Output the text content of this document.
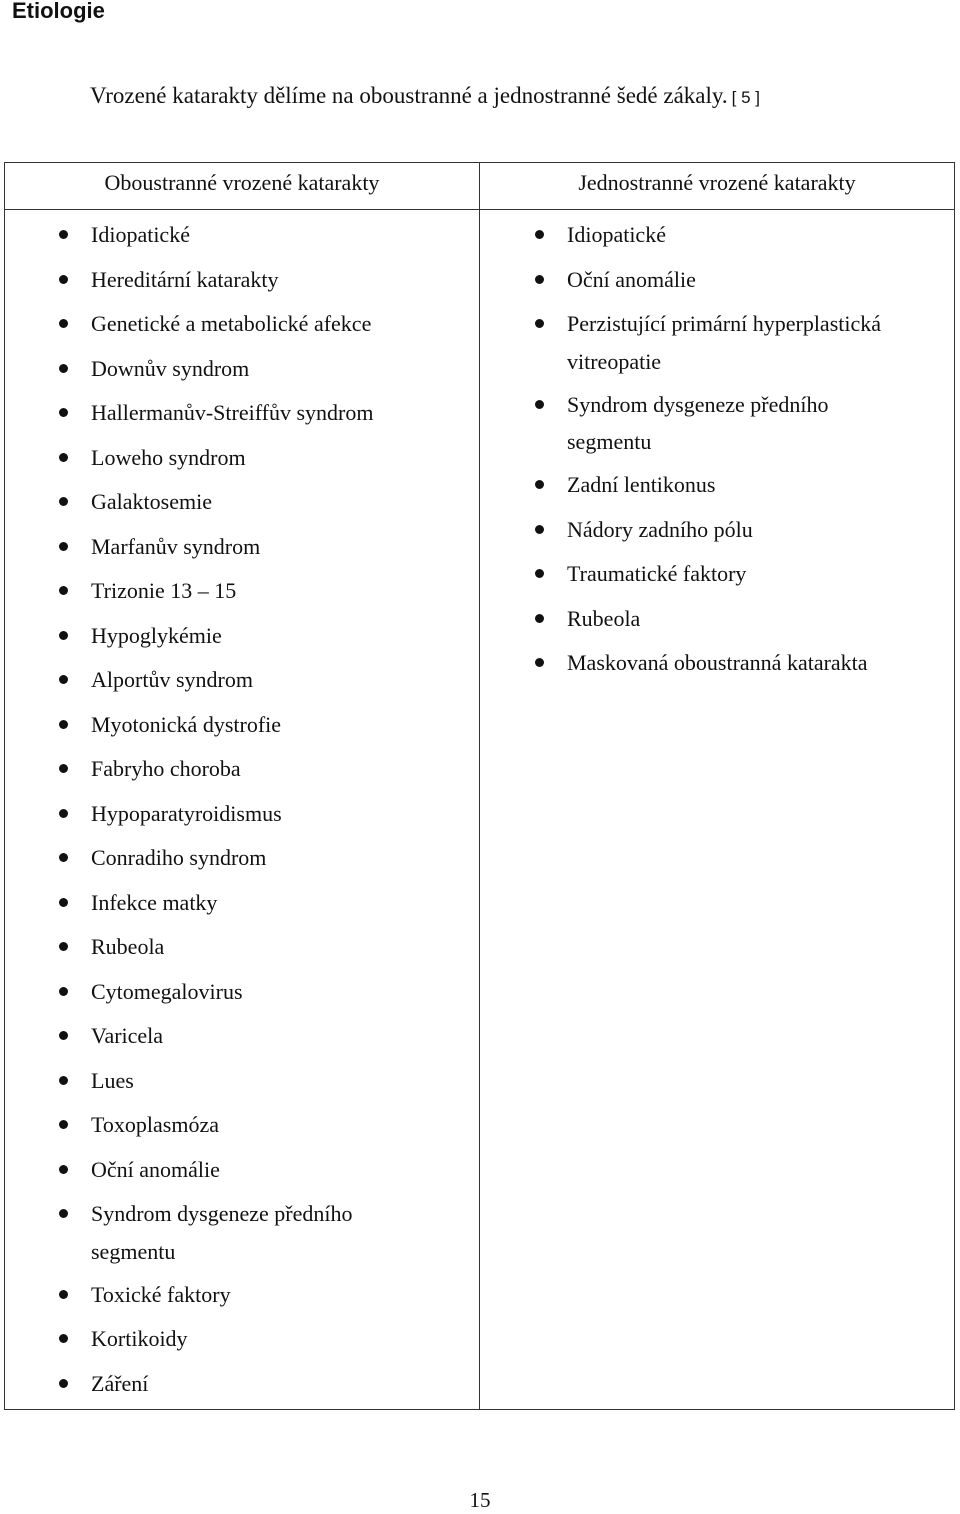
Etiologie
Vrozené katarakty dělíme na oboustranné a jednostranné šedé zákaly. [ 5 ]
Oboustranné vrozené katarakty	Jednostranné vrozené katarakty
Idiopatické
Hereditární katarakty
Genetické a metabolické afekce
Downův syndrom
Hallermanův-Streiffův syndrom
Loweho syndrom
Galaktosemie
Marfanův syndrom
Trizonie 13 – 15
Hypoglykémie
Alportův syndrom
Myotonická dystrofie
Fabryho choroba
Hypoparatyroidismus
Conradiho syndrom
Infekce matky
Rubeola
Cytomegalovirus
Varicela
Lues
Toxoplasmóza
Oční anomálie
Syndrom dysgeneze předního
segmentu
Toxické faktory
Kortikoidy
Záření
Idiopatické
Oční anomálie
Perzistující primární hyperplastická
vitreopatie
Syndrom dysgeneze předního
segmentu
Zadní lentikonus
Nádory zadního pólu
Traumatické faktory
Rubeola
Maskovaná oboustranná katarakta
15
